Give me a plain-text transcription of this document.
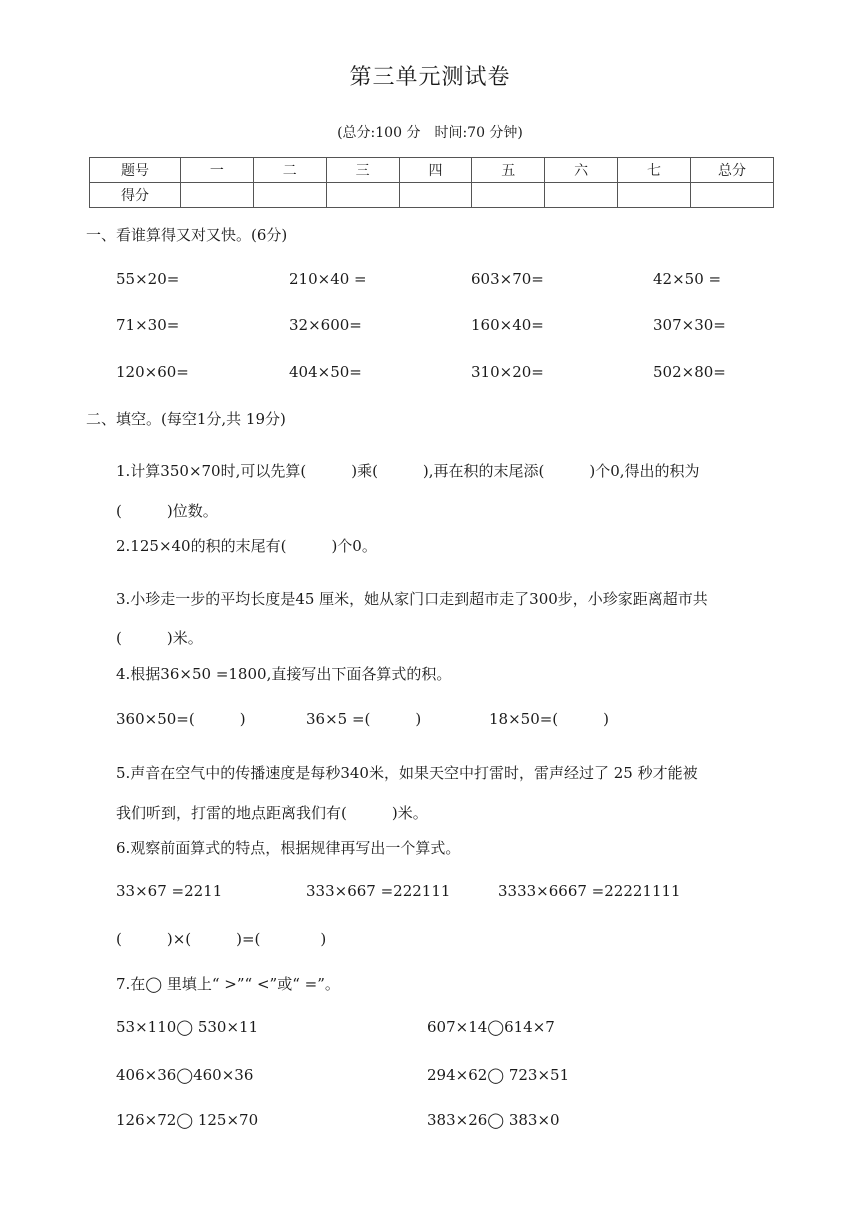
第三单元测试卷
(总分:100 分　时间:70 分钟)
题号	一	二	三	四	五	六	七	总分
得分								
一、看谁算得又对又快。(6分)
55×20=	210×40 =	603×70=	42×50 =
71×30=	32×600=	160×40=	307×30=
120×60=	404×50=	310×20=	502×80=
二、填空。(每空1分,共 19分)
1.计算350×70时,可以先算(　　　)乘(　　　),再在积的末尾添(　　　)个0,得出的积为
(　　　)位数。
2.125×40的积的末尾有(　　　)个0。
3.小珍走一步的平均长度是45 厘米，她从家门口走到超市走了300步，小珍家距离超市共
(　　　)米。
4.根据36×50 =1800,直接写出下面各算式的积。
360×50=(　　　)	36×5 =(　　　)	18×50=(　　　)
5.声音在空气中的传播速度是每秒340米，如果天空中打雷时，雷声经过了 25 秒才能被
我们听到，打雷的地点距离我们有(　　　)米。
6.观察前面算式的特点，根据规律再写出一个算式。
33×67 =2211	333×667 =222111	3333×6667 =22221111
(　　　)×(　　　)=(　　　　)
7.在◯ 里填上“ >”“ <”或“ =”。
53×110◯ 530×11	607×14◯614×7
406×36◯460×36	294×62◯ 723×51
126×72◯ 125×70	383×26◯ 383×0
